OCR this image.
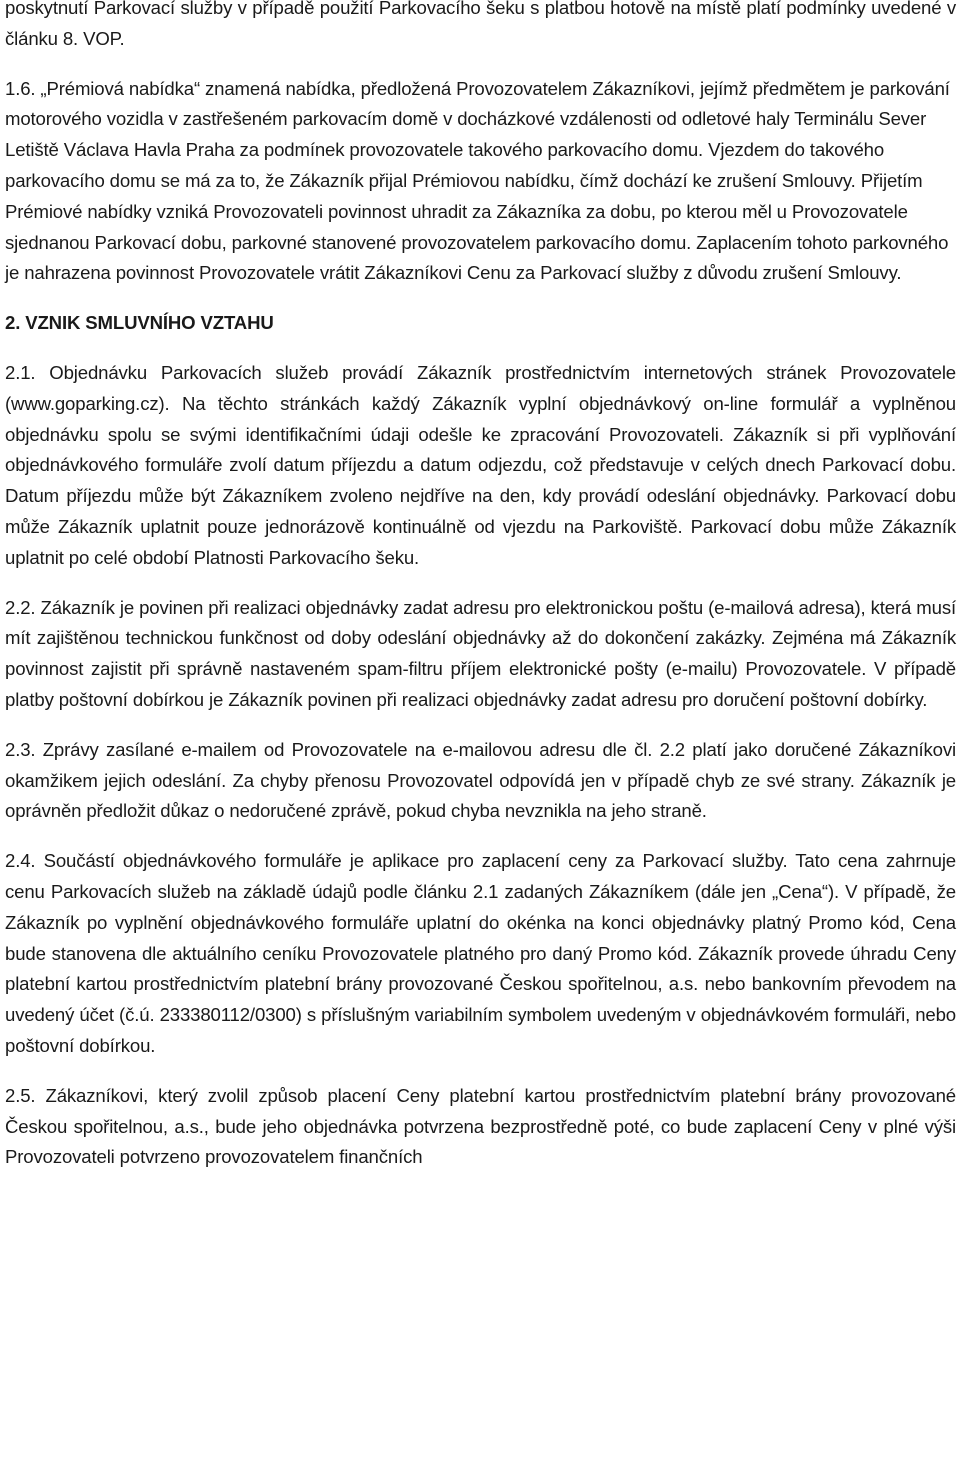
poskytnutí Parkovací služby v případě použití Parkovacího šeku s platbou hotově na místě platí podmínky uvedené v článku 8. VOP.

1.6. „Prémiová nabídka“ znamená nabídka, předložená Provozovatelem Zákazníkovi, jejímž předmětem je parkování motorového vozidla v zastřešeném parkovacím domě v docházkové vzdálenosti od odletové haly Terminálu Sever Letiště Václava Havla Praha za podmínek provozovatele takového parkovacího domu. Vjezdem do takového parkovacího domu se má za to, že Zákazník přijal Prémiovou nabídku, čímž dochází ke zrušení Smlouvy. Přijetím Prémiové nabídky vzniká Provozovateli povinnost uhradit za Zákazníka za dobu, po kterou měl u Provozovatele sjednanou Parkovací dobu, parkovné stanovené provozovatelem parkovacího domu. Zaplacením tohoto parkovného je nahrazena povinnost Provozovatele vrátit Zákazníkovi Cenu za Parkovací služby z důvodu zrušení Smlouvy.

2. VZNIK SMLUVNÍHO VZTAHU

2.1. Objednávku Parkovacích služeb provádí Zákazník prostřednictvím internetových stránek Provozovatele (www.goparking.cz). Na těchto stránkách každý Zákazník vyplní objednávkový on-line formulář a vyplněnou objednávku spolu se svými identifikačními údaji odešle ke zpracování Provozovateli. Zákazník si při vyplňování objednávkového formuláře zvolí datum příjezdu a datum odjezdu, což představuje v celých dnech Parkovací dobu. Datum příjezdu může být Zákazníkem zvoleno nejdříve na den, kdy provádí odeslání objednávky. Parkovací dobu může Zákazník uplatnit pouze jednorázově kontinuálně od vjezdu na Parkoviště. Parkovací dobu může Zákazník uplatnit po celé období Platnosti Parkovacího šeku.

2.2. Zákazník je povinen při realizaci objednávky zadat adresu pro elektronickou poštu (e-mailová adresa), která musí mít zajištěnou technickou funkčnost od doby odeslání objednávky až do dokončení zakázky. Zejména má Zákazník povinnost zajistit při správně nastaveném spam-filtru příjem elektronické pošty (e-mailu) Provozovatele. V případě platby poštovní dobírkou je Zákazník povinen při realizaci objednávky zadat adresu pro doručení poštovní dobírky.

2.3. Zprávy zasílané e-mailem od Provozovatele na e-mailovou adresu dle čl. 2.2 platí jako doručené Zákazníkovi okamžikem jejich odeslání. Za chyby přenosu Provozovatel odpovídá jen v případě chyb ze své strany. Zákazník je oprávněn předložit důkaz o nedoručené zprávě, pokud chyba nevznikla na jeho straně.

2.4. Součástí objednávkového formuláře je aplikace pro zaplacení ceny za Parkovací služby. Tato cena zahrnuje cenu Parkovacích služeb na základě údajů podle článku 2.1 zadaných Zákazníkem (dále jen „Cena“). V případě, že Zákazník po vyplnění objednávkového formuláře uplatní do okénka na konci objednávky platný Promo kód, Cena bude stanovena dle aktuálního ceníku Provozovatele platného pro daný Promo kód. Zákazník provede úhradu Ceny platební kartou prostřednictvím platební brány provozované Českou spořitelnou, a.s. nebo bankovním převodem na uvedený účet (č.ú. 233380112/0300) s příslušným variabilním symbolem uvedeným v objednávkovém formuláři, nebo poštovní dobírkou.

2.5. Zákazníkovi, který zvolil způsob placení Ceny platební kartou prostřednictvím platební brány provozované Českou spořitelnou, a.s., bude jeho objednávka potvrzena bezprostředně poté, co bude zaplacení Ceny v plné výši Provozovateli potvrzeno provozovatelem finančních
